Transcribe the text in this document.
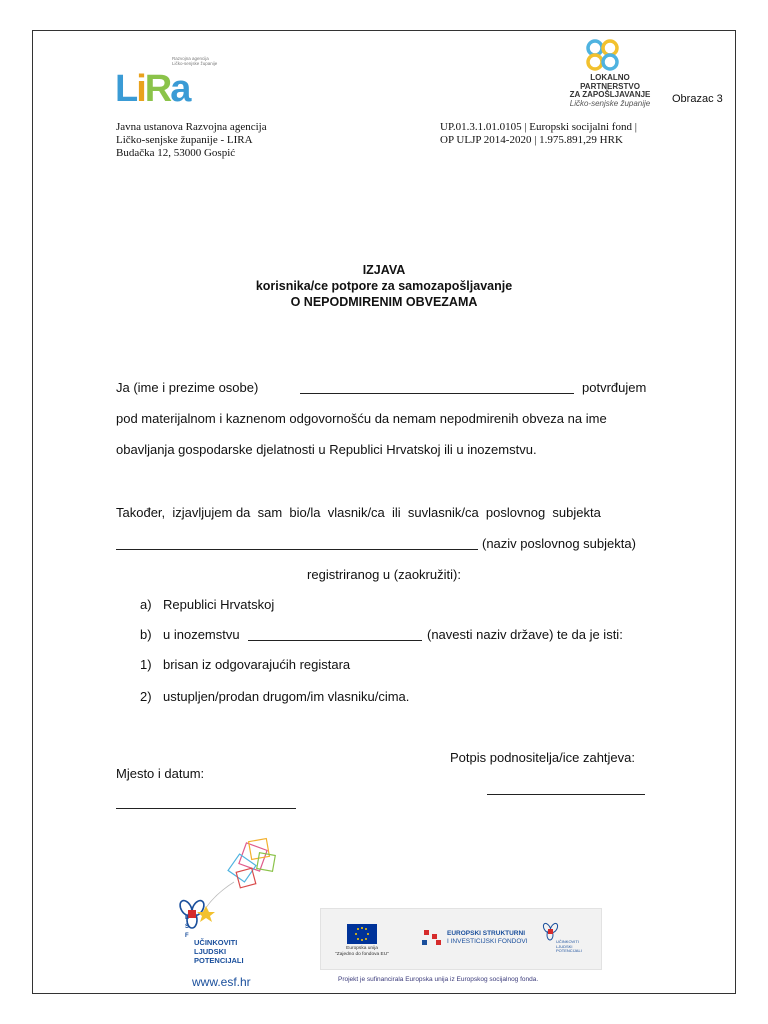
LiRa
Razvojna agencija
Ličko-senjske županije
LOKALNO PARTNERSTVO
ZA ZAPOŠLJAVANJE
Ličko-senjske županije	Obrazac 3
Javna ustanova Razvojna agencija
Ličko-senjske županije - LIRA
Budačka 12, 53000 Gospić
UP.01.3.1.01.0105 | Europski socijalni fond |
OP ULJP 2014-2020 | 1.975.891,29 HRK
IZJAVA
korisnika/ce potpore za samozapošljavanje
O NEPODMIRENIM OBVEZAMA
Ja (ime i prezime osobe)	potvrđujem
pod materijalnom i kaznenom odgovornošću da nemam nepodmirenih obveza na ime
obavljanja gospodarske djelatnosti u Republici Hrvatskoj ili u inozemstvu.
Također,  izjavljujem da  sam  bio/la  vlasnik/ca  ili  suvlasnik/ca  poslovnog  subjekta
(naziv poslovnog subjekta)
registriranog u (zaokružiti):
a) Republici Hrvatskoj
b) u inozemstvu	(navesti naziv države) te da je isti:
1) brisan iz odgovarajućih registara
2) ustupljen/prodan drugom/im vlasniku/cima.
Potpis podnositelja/ice zahtjeva:
Mjesto i datum:
E
S
F
UČINKOVITI
LJUDSKI
POTENCIJALI
www.esf.hr
Europska unija
"Zajedno do fondova EU"
EUROPSKI STRUKTURNI
I INVESTICIJSKI FONDOVI	UČINKOVITI
LJUDSKI
POTENCIJALI
Projekt je sufinancirala Europska unija iz Europskog socijalnog fonda.
